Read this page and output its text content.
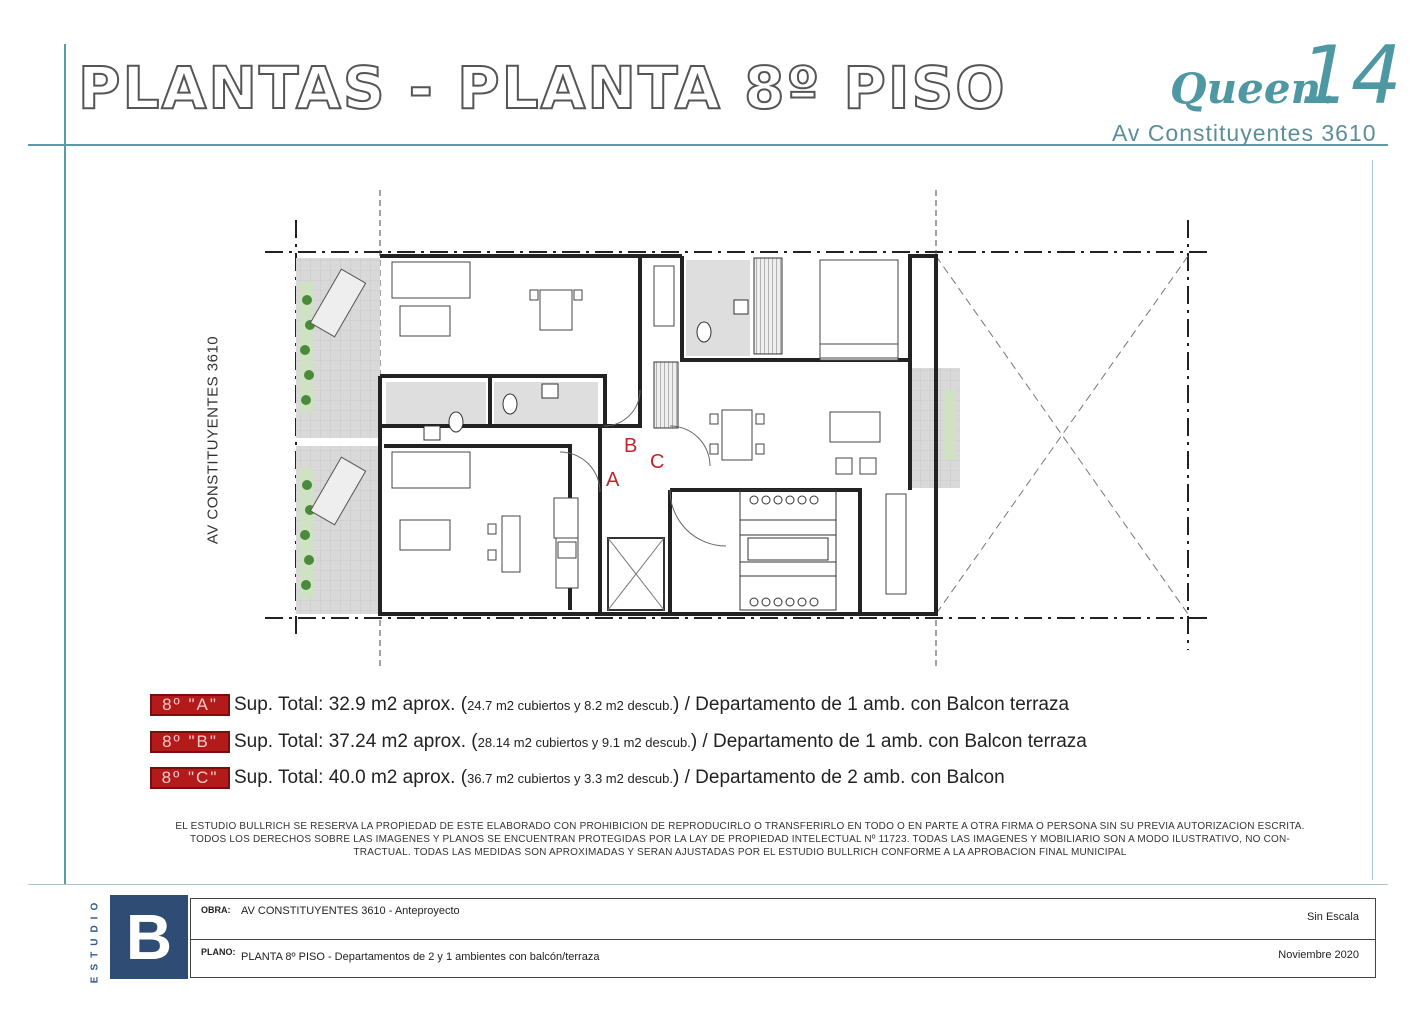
PLANTAS - PLANTA 8º PISO	Queen.
14
Av Constituyentes 3610
AV CONSTITUYENTES 3610	A
B
C
8º "A" Sup. Total: 32.9 m2 aprox. ( 24.7 m2 cubiertos y 8.2 m2 descub. ) / Departamento de 1 amb. con Balcon terraza
8º "B" Sup. Total: 37.24 m2 aprox. ( 28.14 m2 cubiertos y 9.1 m2 descub. ) / Departamento de 1 amb. con Balcon terraza
8º "C" Sup. Total: 40.0 m2 aprox. ( 36.7 m2 cubiertos y 3.3 m2 descub. ) / Departamento de 2 amb. con Balcon
EL ESTUDIO BULLRICH SE RESERVA LA PROPIEDAD DE ESTE ELABORADO CON PROHIBICION DE REPRODUCIRLO O TRANSFERIRLO EN TODO O EN PARTE A OTRA FIRMA O PERSONA SIN SU PREVIA AUTORIZACION ESCRITA.
TODOS LOS DERECHOS SOBRE LAS IMAGENES Y PLANOS SE ENCUENTRAN PROTEGIDAS POR LA LAY DE PROPIEDAD INTELECTUAL Nº 11723. TODAS LAS IMAGENES Y MOBILIARIO SON A MODO ILUSTRATIVO, NO CON-
TRACTUAL. TODAS LAS MEDIDAS SON APROXIMADAS Y SERAN AJUSTADAS POR EL ESTUDIO BULLRICH CONFORME A LA APROBACION FINAL MUNICIPAL
ESTUDIO B	OBRA: AV CONSTITUYENTES 3610 - Anteproyecto	Sin Escala
PLANO: PLANTA 8º PISO - Departamentos de 2 y 1 ambientes con balcón/terraza	Noviembre 2020
